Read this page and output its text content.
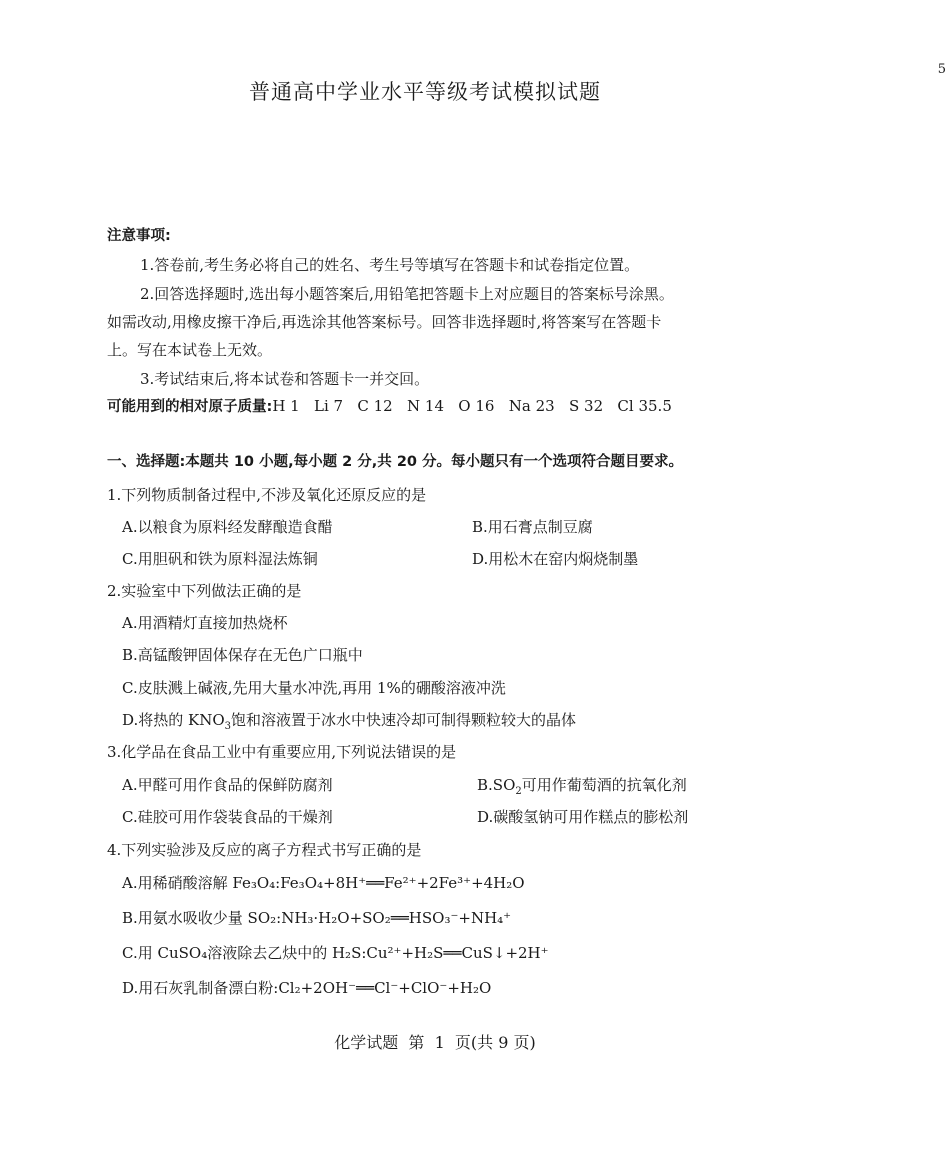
5
普通高中学业水平等级考试模拟试题
注意事项:
1.答卷前,考生务必将自己的姓名、考生号等填写在答题卡和试卷指定位置。
2.回答选择题时,选出每小题答案后,用铅笔把答题卡上对应题目的答案标号涂黑。
如需改动,用橡皮擦干净后,再选涂其他答案标号。回答非选择题时,将答案写在答题卡
上。写在本试卷上无效。
3.考试结束后,将本试卷和答题卡一并交回。
可能用到的相对原子质量:H 1   Li 7   C 12   N 14   O 16   Na 23   S 32   Cl 35.5
一、选择题:本题共 10 小题,每小题 2 分,共 20 分。每小题只有一个选项符合题目要求。
1.下列物质制备过程中,不涉及氧化还原反应的是
A.以粮食为原料经发酵酿造食醋	B.用石膏点制豆腐
C.用胆矾和铁为原料湿法炼铜	D.用松木在窑内焖烧制墨
2.实验室中下列做法正确的是
A.用酒精灯直接加热烧杯
B.高锰酸钾固体保存在无色广口瓶中
C.皮肤溅上碱液,先用大量水冲洗,再用 1%的硼酸溶液冲洗
D.将热的 $KNO_3$饱和溶液置于冰水中快速冷却可制得颗粒较大的晶体
3.化学品在食品工业中有重要应用,下列说法错误的是
A.甲醛可用作食品的保鲜防腐剂	$B.SO_2$可用作葡萄酒的抗氧化剂
C.硅胶可用作袋装食品的干燥剂	D.碳酸氢钠可用作糕点的膨松剂
4.下列实验涉及反应的离子方程式书写正确的是
A.用稀硝酸溶解 Fe₃O₄:Fe₃O₄+8H⁺══Fe²⁺+2Fe³⁺+4H₂O
B.用氨水吸收少量 SO₂:NH₃·H₂O+SO₂══HSO₃⁻+NH₄⁺
C.用 CuSO₄溶液除去乙炔中的 H₂S:Cu²⁺+H₂S══CuS↓+2H⁺
D.用石灰乳制备漂白粉:Cl₂+2OH⁻══Cl⁻+ClO⁻+H₂O
化学试题  第  1  页(共 9 页)
